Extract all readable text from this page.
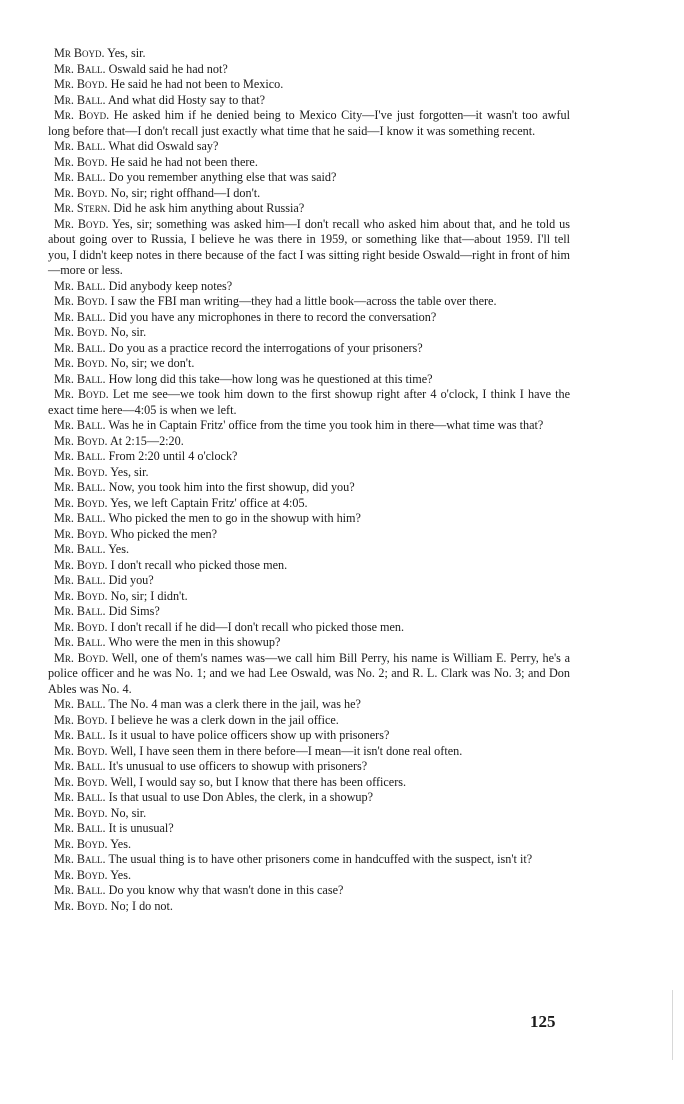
Mr Boyd. Yes, sir.

Mr. Ball. Oswald said he had not?

Mr. Boyd. He said he had not been to Mexico.

Mr. Ball. And what did Hosty say to that?

Mr. Boyd. He asked him if he denied being to Mexico City—I've just forgotten—it wasn't too awful long before that—I don't recall just exactly what time that he said—I know it was something recent.

Mr. Ball. What did Oswald say?

Mr. Boyd. He said he had not been there.

Mr. Ball. Do you remember anything else that was said?

Mr. Boyd. No, sir; right offhand—I don't.

Mr. Stern. Did he ask him anything about Russia?

Mr. Boyd. Yes, sir; something was asked him—I don't recall who asked him about that, and he told us about going over to Russia, I believe he was there in 1959, or something like that—about 1959. I'll tell you, I didn't keep notes in there because of the fact I was sitting right beside Oswald—right in front of him—more or less.

Mr. Ball. Did anybody keep notes?

Mr. Boyd. I saw the FBI man writing—they had a little book—across the table over there.

Mr. Ball. Did you have any microphones in there to record the conversation?

Mr. Boyd. No, sir.

Mr. Ball. Do you as a practice record the interrogations of your prisoners?

Mr. Boyd. No, sir; we don't.

Mr. Ball. How long did this take—how long was he questioned at this time?

Mr. Boyd. Let me see—we took him down to the first showup right after 4 o'clock, I think I have the exact time here—4:05 is when we left.

Mr. Ball. Was he in Captain Fritz' office from the time you took him in there—what time was that?

Mr. Boyd. At 2:15—2:20.

Mr. Ball. From 2:20 until 4 o'clock?

Mr. Boyd. Yes, sir.

Mr. Ball. Now, you took him into the first showup, did you?

Mr. Boyd. Yes, we left Captain Fritz' office at 4:05.

Mr. Ball. Who picked the men to go in the showup with him?

Mr. Boyd. Who picked the men?

Mr. Ball. Yes.

Mr. Boyd. I don't recall who picked those men.

Mr. Ball. Did you?

Mr. Boyd. No, sir; I didn't.

Mr. Ball. Did Sims?

Mr. Boyd. I don't recall if he did—I don't recall who picked those men.

Mr. Ball. Who were the men in this showup?

Mr. Boyd. Well, one of them's names was—we call him Bill Perry, his name is William E. Perry, he's a police officer and he was No. 1; and we had Lee Oswald, was No. 2; and R. L. Clark was No. 3; and Don Ables was No. 4.

Mr. Ball. The No. 4 man was a clerk there in the jail, was he?

Mr. Boyd. I believe he was a clerk down in the jail office.

Mr. Ball. Is it usual to have police officers show up with prisoners?

Mr. Boyd. Well, I have seen them in there before—I mean—it isn't done real often.

Mr. Ball. It's unusual to use officers to showup with prisoners?

Mr. Boyd. Well, I would say so, but I know that there has been officers.

Mr. Ball. Is that usual to use Don Ables, the clerk, in a showup?

Mr. Boyd. No, sir.

Mr. Ball. It is unusual?

Mr. Boyd. Yes.

Mr. Ball. The usual thing is to have other prisoners come in handcuffed with the suspect, isn't it?

Mr. Boyd. Yes.

Mr. Ball. Do you know why that wasn't done in this case?

Mr. Boyd. No; I do not.

125
